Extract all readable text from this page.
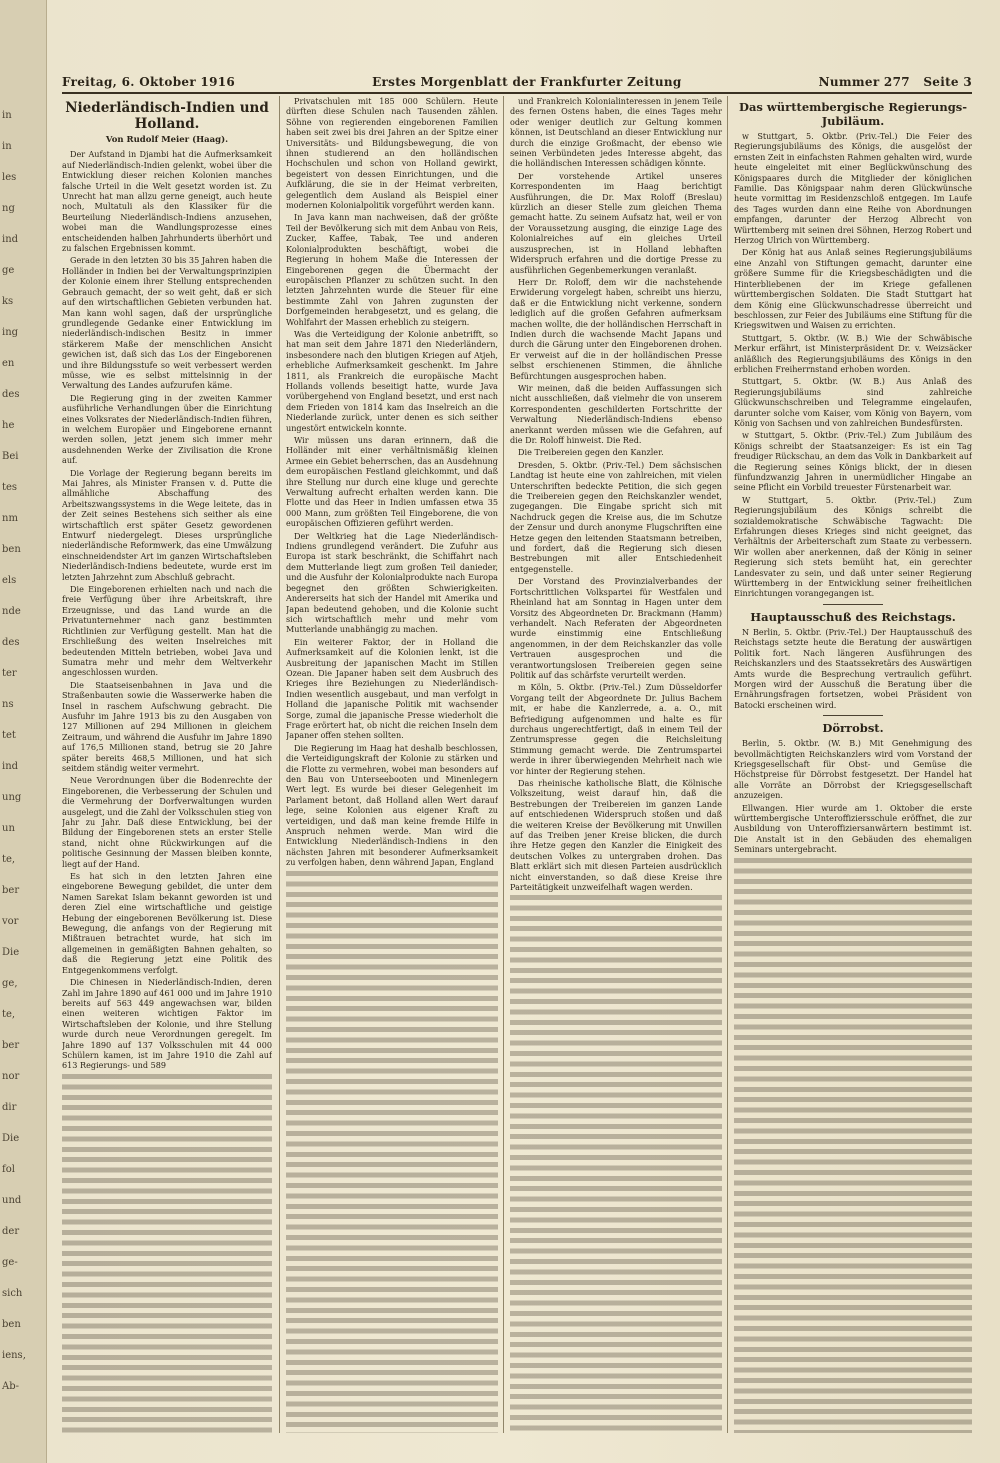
in
in
les
ng
ind
ge
ks
ing
en
des
he
Bei
tes
nm
ben
els
nde
des
ter
ns
tet
ind
ung
un
te,
ber
vor
Die
ge,
te,
ber
nor
dir
Die
fol
und
der
ge-
sich
ben
iens,
Ab-
Freitag, 6. Oktober 1916	Erstes Morgenblatt der Frankfurter Zeitung	Nummer 277 Seite 3
Niederländisch-Indien und Holland.
Von Rudolf Meier (Haag).

Der Aufstand in Djambi hat die Aufmerksamkeit auf Niederländisch-Indien gelenkt, wobei über die Entwicklung dieser reichen Kolonien manches falsche Urteil in die Welt gesetzt worden ist. Zu Unrecht hat man allzu gerne geneigt, auch heute noch, Multatuli als den Klassiker für die Beurteilung Niederländisch-Indiens anzusehen, wobei man die Wandlungsprozesse eines entscheidenden halben Jahrhunderts überhört und zu falschen Ergebnissen kommt.

Gerade in den letzten 30 bis 35 Jahren haben die Holländer in Indien bei der Verwaltungsprinzipien der Kolonie einem ihrer Stellung entsprechenden Gebrauch gemacht, der so weit geht, daß er sich auf den wirtschaftlichen Gebieten verbunden hat. Man kann wohl sagen, daß der ursprüngliche grundlegende Gedanke einer Entwicklung im niederländisch-indischen Besitz in immer stärkerem Maße der menschlichen Ansicht gewichen ist, daß sich das Los der Eingeborenen und ihre Bildungsstufe so weit verbessert werden müsse, wie es selbst mittelsinnig in der Verwaltung des Landes aufzurufen käme.

Die Regierung ging in der zweiten Kammer ausführliche Verhandlungen über die Einrichtung eines Volksrates der Niederländisch-Indien führen, in welchem Europäer und Eingeborene ernannt werden sollen, jetzt jenem sich immer mehr ausdehnenden Werke der Zivilisation die Krone auf.

Die Vorlage der Regierung begann bereits im Mai Jahres, als Minister Fransen v. d. Putte die allmähliche Abschaffung des Arbeitszwangssystems in die Wege leitete, das in der Zeit seines Bestehens sich seither als eine wirtschaftlich erst später Gesetz gewordenen Entwurf niedergelegt. Dieses ursprüngliche niederländische Reformwerk, das eine Umwälzung einschneidendster Art im ganzen Wirtschaftsleben Niederländisch-Indiens bedeutete, wurde erst im letzten Jahrzehnt zum Abschluß gebracht.

Die Eingeborenen erhielten nach und nach die freie Verfügung über ihre Arbeitskraft, ihre Erzeugnisse, und das Land wurde an die Privatunternehmer nach ganz bestimmten Richtlinien zur Verfügung gestellt. Man hat die Erschließung des weiten Inselreiches mit bedeutenden Mitteln betrieben, wobei Java und Sumatra mehr und mehr dem Weltverkehr angeschlossen wurden.

Die Staatseisenbahnen in Java und die Straßenbauten sowie die Wasserwerke haben die Insel in raschem Aufschwung gebracht. Die Ausfuhr im Jahre 1913 bis zu den Ausgaben von 127 Millionen auf 294 Millionen in gleichem Zeitraum, und während die Ausfuhr im Jahre 1890 auf 176,5 Millionen stand, betrug sie 20 Jahre später bereits 468,5 Millionen, und hat sich seitdem ständig weiter vermehrt.

Neue Verordnungen über die Bodenrechte der Eingeborenen, die Verbesserung der Schulen und die Vermehrung der Dorfverwaltungen wurden ausgelegt, und die Zahl der Volksschulen stieg von Jahr zu Jahr. Daß diese Entwicklung, bei der Bildung der Eingeborenen stets an erster Stelle stand, nicht ohne Rückwirkungen auf die politische Gesinnung der Massen bleiben konnte, liegt auf der Hand.

Es hat sich in den letzten Jahren eine eingeborene Bewegung gebildet, die unter dem Namen Sarekat Islam bekannt geworden ist und deren Ziel eine wirtschaftliche und geistige Hebung der eingeborenen Bevölkerung ist. Diese Bewegung, die anfangs von der Regierung mit Mißtrauen betrachtet wurde, hat sich im allgemeinen in gemäßigten Bahnen gehalten, so daß die Regierung jetzt eine Politik des Entgegenkommens verfolgt.

Die Chinesen in Niederländisch-Indien, deren Zahl im Jahre 1890 auf 461 000 und im Jahre 1910 bereits auf 563 449 angewachsen war, bilden einen weiteren wichtigen Faktor im Wirtschaftsleben der Kolonie, und ihre Stellung wurde durch neue Verordnungen geregelt. Im Jahre 1890 auf 137 Volksschulen mit 44 000 Schülern kamen, ist im Jahre 1910 die Zahl auf 613 Regierungs- und 589

Privatschulen mit 185 000 Schülern. Heute dürften diese Schulen nach Tausenden zählen. Söhne von regierenden eingeborenen Familien haben seit zwei bis drei Jahren an der Spitze einer Universitäts- und Bildungsbewegung, die von ihnen studierend an den holländischen Hochschulen und schon von Holland gewirkt, begeistert von dessen Einrichtungen, und die Aufklärung, die sie in der Heimat verbreiten, gelegentlich dem Ausland als Beispiel einer modernen Kolonialpolitik vorgeführt werden kann.

In Java kann man nachweisen, daß der größte Teil der Bevölkerung sich mit dem Anbau von Reis, Zucker, Kaffee, Tabak, Tee und anderen Kolonialprodukten beschäftigt, wobei die Regierung in hohem Maße die Interessen der Eingeborenen gegen die Übermacht der europäischen Pflanzer zu schützen sucht. In den letzten Jahrzehnten wurde die Steuer für eine bestimmte Zahl von Jahren zugunsten der Dorfgemeinden herabgesetzt, und es gelang, die Wohlfahrt der Massen erheblich zu steigern.

Was die Verteidigung der Kolonie anbetrifft, so hat man seit dem Jahre 1871 den Niederländern, insbesondere nach den blutigen Kriegen auf Atjeh, erhebliche Aufmerksamkeit geschenkt. Im Jahre 1811, als Frankreich die europäische Macht Hollands vollends beseitigt hatte, wurde Java vorübergehend von England besetzt, und erst nach dem Frieden von 1814 kam das Inselreich an die Niederlande zurück, unter denen es sich seither ungestört entwickeln konnte.

Wir müssen uns daran erinnern, daß die Holländer mit einer verhältnismäßig kleinen Armee ein Gebiet beherrschen, das an Ausdehnung dem europäischen Festland gleichkommt, und daß ihre Stellung nur durch eine kluge und gerechte Verwaltung aufrecht erhalten werden kann. Die Flotte und das Heer in Indien umfassen etwa 35 000 Mann, zum größten Teil Eingeborene, die von europäischen Offizieren geführt werden.

Der Weltkrieg hat die Lage Niederländisch-Indiens grundlegend verändert. Die Zufuhr aus Europa ist stark beschränkt, die Schiffahrt nach dem Mutterlande liegt zum großen Teil danieder, und die Ausfuhr der Kolonialprodukte nach Europa begegnet den größten Schwierigkeiten. Andererseits hat sich der Handel mit Amerika und Japan bedeutend gehoben, und die Kolonie sucht sich wirtschaftlich mehr und mehr vom Mutterlande unabhängig zu machen.

Ein weiterer Faktor, der in Holland die Aufmerksamkeit auf die Kolonien lenkt, ist die Ausbreitung der japanischen Macht im Stillen Ozean. Die Japaner haben seit dem Ausbruch des Krieges ihre Beziehungen zu Niederländisch-Indien wesentlich ausgebaut, und man verfolgt in Holland die japanische Politik mit wachsender Sorge, zumal die japanische Presse wiederholt die Frage erörtert hat, ob nicht die reichen Inseln dem Japaner offen stehen sollten.

Die Regierung im Haag hat deshalb beschlossen, die Verteidigungskraft der Kolonie zu stärken und die Flotte zu vermehren, wobei man besonders auf den Bau von Unterseebooten und Minenlegern Wert legt. Es wurde bei dieser Gelegenheit im Parlament betont, daß Holland allen Wert darauf lege, seine Kolonien aus eigener Kraft zu verteidigen, und daß man keine fremde Hilfe in Anspruch nehmen werde. Man wird die Entwicklung Niederländisch-Indiens in den nächsten Jahren mit besonderer Aufmerksamkeit zu verfolgen haben, denn während Japan, England

und Frankreich Kolonialinteressen in jenem Teile des fernen Ostens haben, die eines Tages mehr oder weniger deutlich zur Geltung kommen können, ist Deutschland an dieser Entwicklung nur durch die einzige Großmacht, der ebenso wie seinen Verbündeten jedes Interesse abgeht, das die holländischen Interessen schädigen könnte.

Der vorstehende Artikel unseres Korrespondenten im Haag berichtigt Ausführungen, die Dr. Max Roloff (Breslau) kürzlich an dieser Stelle zum gleichen Thema gemacht hatte. Zu seinem Aufsatz hat, weil er von der Voraussetzung ausging, die einzige Lage des Kolonialreiches auf ein gleiches Urteil auszusprechen, ist in Holland lebhaften Widerspruch erfahren und die dortige Presse zu ausführlichen Gegenbemerkungen veranlaßt.

Herr Dr. Roloff, dem wir die nachstehende Erwiderung vorgelegt haben, schreibt uns hierzu, daß er die Entwicklung nicht verkenne, sondern lediglich auf die großen Gefahren aufmerksam machen wollte, die der holländischen Herrschaft in Indien durch die wachsende Macht Japans und durch die Gärung unter den Eingeborenen drohen. Er verweist auf die in der holländischen Presse selbst erschienenen Stimmen, die ähnliche Befürchtungen ausgesprochen haben.

Wir meinen, daß die beiden Auffassungen sich nicht ausschließen, daß vielmehr die von unserem Korrespondenten geschilderten Fortschritte der Verwaltung Niederländisch-Indiens ebenso anerkannt werden müssen wie die Gefahren, auf die Dr. Roloff hinweist. Die Red.

Die Treibereien gegen den Kanzler.

Dresden, 5. Oktbr. (Priv.-Tel.) Dem sächsischen Landtag ist heute eine von zahlreichen, mit vielen Unterschriften bedeckte Petition, die sich gegen die Treibereien gegen den Reichskanzler wendet, zugegangen. Die Eingabe spricht sich mit Nachdruck gegen die Kreise aus, die im Schutze der Zensur und durch anonyme Flugschriften eine Hetze gegen den leitenden Staatsmann betreiben, und fordert, daß die Regierung sich diesen Bestrebungen mit aller Entschiedenheit entgegenstelle.

Der Vorstand des Provinzialverbandes der Fortschrittlichen Volkspartei für Westfalen und Rheinland hat am Sonntag in Hagen unter dem Vorsitz des Abgeordneten Dr. Brackmann (Hamm) verhandelt. Nach Referaten der Abgeordneten wurde einstimmig eine Entschließung angenommen, in der dem Reichskanzler das volle Vertrauen ausgesprochen und die verantwortungslosen Treibereien gegen seine Politik auf das schärfste verurteilt werden.

m Köln, 5. Oktbr. (Priv.-Tel.) Zum Düsseldorfer Vorgang teilt der Abgeordnete Dr. Julius Bachem mit, er habe die Kanzlerrede, a. a. O., mit Befriedigung aufgenommen und halte es für durchaus ungerechtfertigt, daß in einem Teil der Zentrumspresse gegen die Reichsleitung Stimmung gemacht werde. Die Zentrumspartei werde in ihrer überwiegenden Mehrheit nach wie vor hinter der Regierung stehen.

Das rheinische katholische Blatt, die Kölnische Volkszeitung, weist darauf hin, daß die Bestrebungen der Treibereien im ganzen Lande auf entschiedenen Widerspruch stoßen und daß die weiteren Kreise der Bevölkerung mit Unwillen auf das Treiben jener Kreise blicken, die durch ihre Hetze gegen den Kanzler die Einigkeit des deutschen Volkes zu untergraben drohen. Das Blatt erklärt sich mit diesen Parteien ausdrücklich nicht einverstanden, so daß diese Kreise ihre Parteitätigkeit unzweifelhaft wagen werden.

Das württembergische Regierungs-Jubiläum.

w Stuttgart, 5. Oktbr. (Priv.-Tel.) Die Feier des Regierungsjubiläums des Königs, die ausgelöst der ernsten Zeit in einfachsten Rahmen gehalten wird, wurde heute eingeleitet mit einer Beglückwünschung des Königspaares durch die Mitglieder der königlichen Familie. Das Königspaar nahm deren Glückwünsche heute vormittag im Residenzschloß entgegen. Im Laufe des Tages wurden dann eine Reihe von Abordnungen empfangen, darunter der Herzog Albrecht von Württemberg mit seinen drei Söhnen, Herzog Robert und Herzog Ulrich von Württemberg.

Der König hat aus Anlaß seines Regierungsjubiläums eine Anzahl von Stiftungen gemacht, darunter eine größere Summe für die Kriegsbeschädigten und die Hinterbliebenen der im Kriege gefallenen württembergischen Soldaten. Die Stadt Stuttgart hat dem König eine Glückwunschadresse überreicht und beschlossen, zur Feier des Jubiläums eine Stiftung für die Kriegswitwen und Waisen zu errichten.

Stuttgart, 5. Oktbr. (W. B.) Wie der Schwäbische Merkur erfährt, ist Ministerpräsident Dr. v. Weizsäcker anläßlich des Regierungsjubiläums des Königs in den erblichen Freiherrnstand erhoben worden.

Stuttgart, 5. Oktbr. (W. B.) Aus Anlaß des Regierungsjubiläums sind zahlreiche Glückwunschschreiben und Telegramme eingelaufen, darunter solche vom Kaiser, vom König von Bayern, vom König von Sachsen und von zahlreichen Bundesfürsten.

w Stuttgart, 5. Oktbr. (Priv.-Tel.) Zum Jubiläum des Königs schreibt der Staatsanzeiger: Es ist ein Tag freudiger Rückschau, an dem das Volk in Dankbarkeit auf die Regierung seines Königs blickt, der in diesen fünfundzwanzig Jahren in unermüdlicher Hingabe an seine Pflicht ein Vorbild treuester Fürstenarbeit war.

W Stuttgart, 5. Oktbr. (Priv.-Tel.) Zum Regierungsjubiläum des Königs schreibt die sozialdemokratische Schwäbische Tagwacht: Die Erfahrungen dieses Krieges sind nicht geeignet, das Verhältnis der Arbeiterschaft zum Staate zu verbessern. Wir wollen aber anerkennen, daß der König in seiner Regierung sich stets bemüht hat, ein gerechter Landesvater zu sein, und daß unter seiner Regierung Württemberg in der Entwicklung seiner freiheitlichen Einrichtungen vorangegangen ist.

Hauptausschuß des Reichstags.

N Berlin, 5. Oktbr. (Priv.-Tel.) Der Hauptausschuß des Reichstags setzte heute die Beratung der auswärtigen Politik fort. Nach längeren Ausführungen des Reichskanzlers und des Staatssekretärs des Auswärtigen Amts wurde die Besprechung vertraulich geführt. Morgen wird der Ausschuß die Beratung über die Ernährungsfragen fortsetzen, wobei Präsident von Batocki erscheinen wird.

Dörrobst.

Berlin, 5. Oktbr. (W. B.) Mit Genehmigung des bevollmächtigten Reichskanzlers wird vom Vorstand der Kriegsgesellschaft für Obst- und Gemüse die Höchstpreise für Dörrobst festgesetzt. Der Handel hat alle Vorräte an Dörrobst der Kriegsgesellschaft anzuzeigen.

Ellwangen. Hier wurde am 1. Oktober die erste württembergische Unteroffiziersschule eröffnet, die zur Ausbildung von Unteroffiziersanwärtern bestimmt ist. Die Anstalt ist in den Gebäuden des ehemaligen Seminars untergebracht.
